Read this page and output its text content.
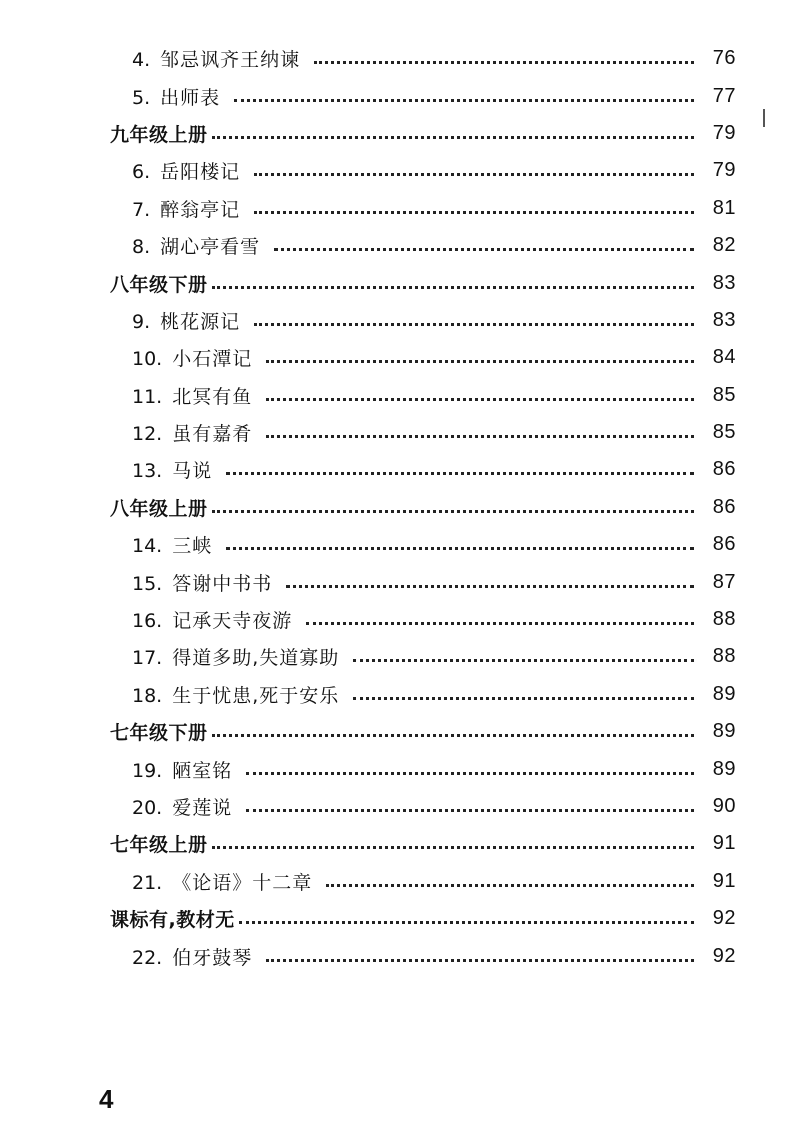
4. 邹忌讽齐王纳谏	76
5. 出师表	77
九年级上册	79
6. 岳阳楼记	79
7. 醉翁亭记	81
8. 湖心亭看雪	82
八年级下册	83
9. 桃花源记	83
10. 小石潭记	84
11. 北冥有鱼	85
12. 虽有嘉肴	85
13. 马说	86
八年级上册	86
14. 三峡	86
15. 答谢中书书	87
16. 记承天寺夜游	88
17. 得道多助,失道寡助	88
18. 生于忧患,死于安乐	89
七年级下册	89
19. 陋室铭	89
20. 爱莲说	90
七年级上册	91
21. 《论语》十二章	91
课标有,教材无	92
22. 伯牙鼓琴	92
4
